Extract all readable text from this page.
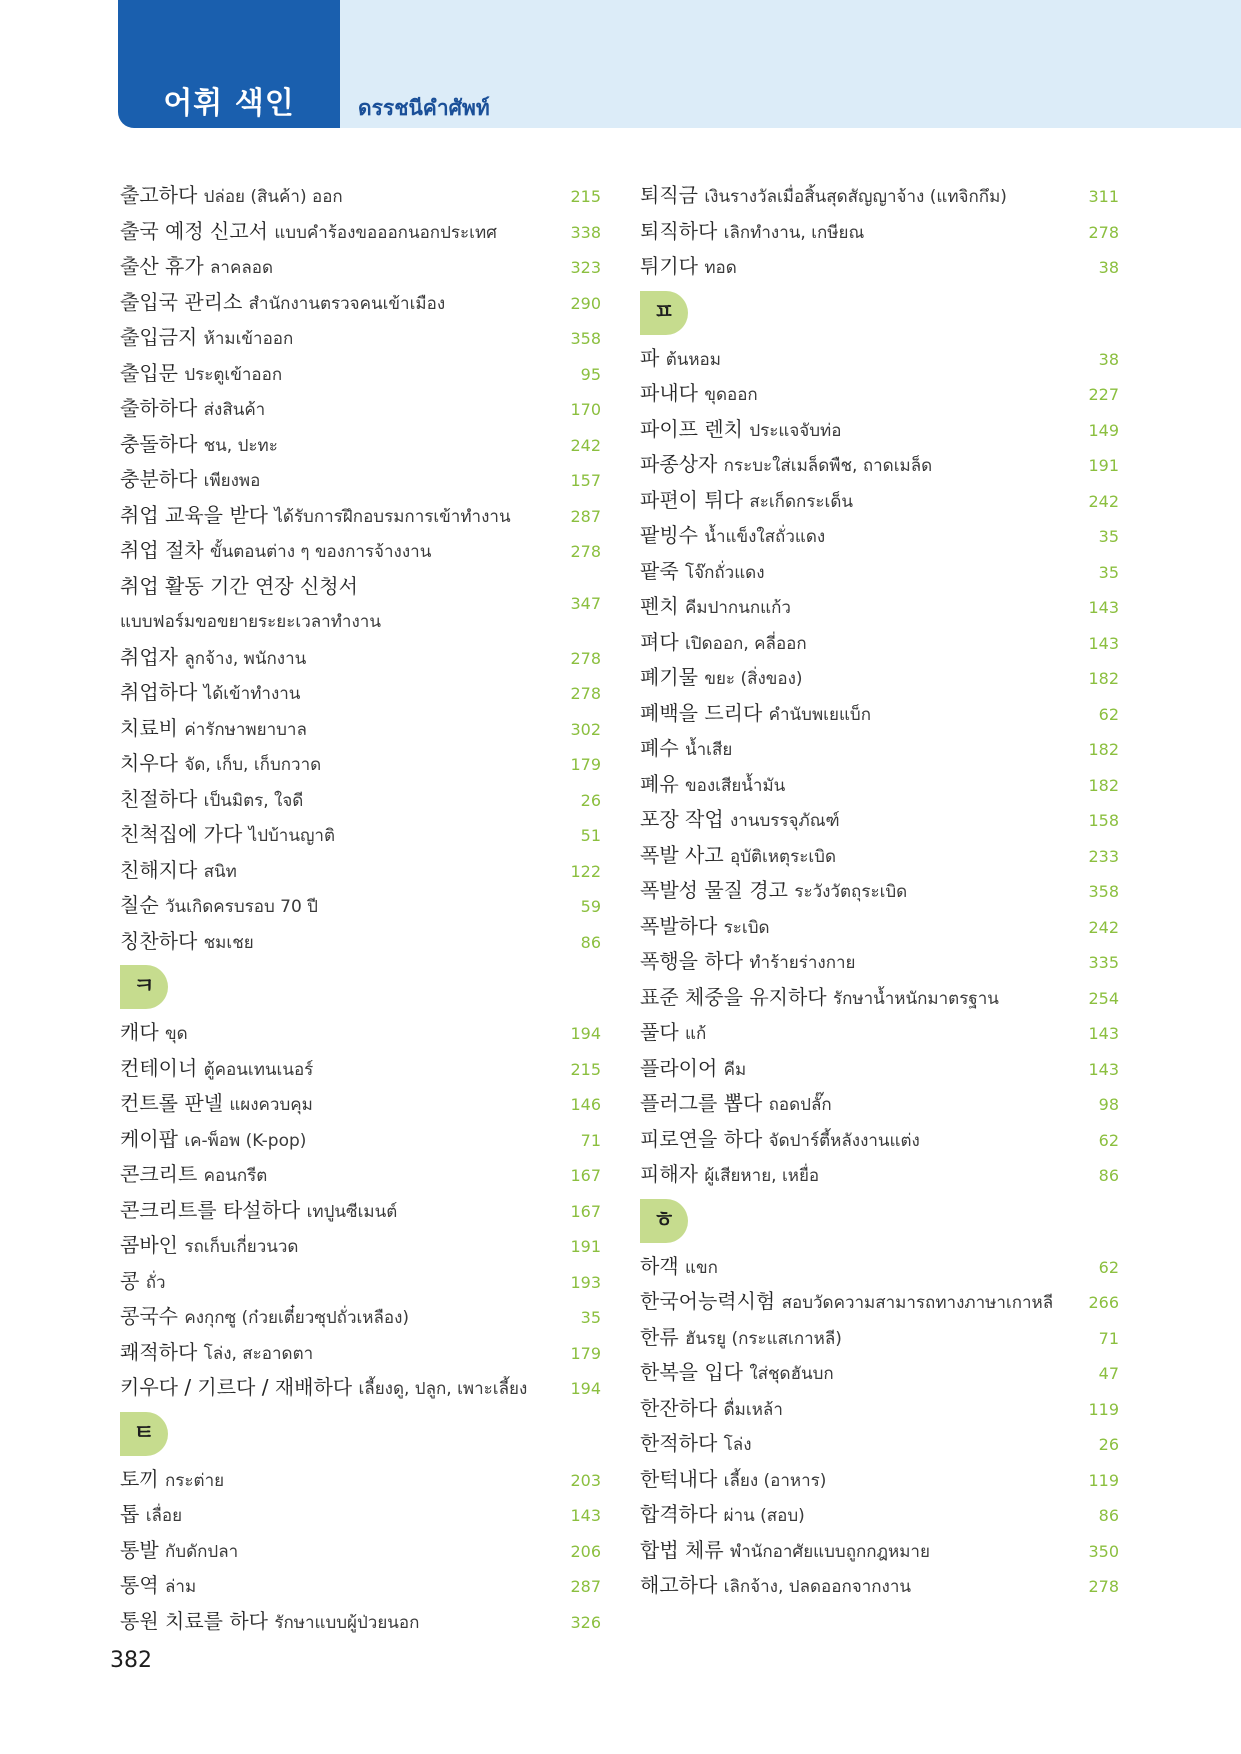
어휘 색인	ดรรชนีคำศัพท์
출고하다 ปล่อย (สินค้า) ออก	215
출국 예정 신고서 แบบคำร้องขอออกนอกประเทศ	338
출산 휴가 ลาคลอด	323
출입국 관리소 สำนักงานตรวจคนเข้าเมือง	290
출입금지 ห้ามเข้าออก	358
출입문 ประตูเข้าออก	95
출하하다 ส่งสินค้า	170
충돌하다 ชน, ปะทะ	242
충분하다 เพียงพอ	157
취업 교육을 받다 ได้รับการฝึกอบรมการเข้าทำงาน	287
취업 절차 ขั้นตอนต่าง ๆ ของการจ้างงาน	278
취업 활동 기간 연장 신청서
แบบฟอร์มขอขยายระยะเวลาทำงาน
347
취업자 ลูกจ้าง, พนักงาน	278
취업하다 ได้เข้าทำงาน	278
치료비 ค่ารักษาพยาบาล	302
치우다 จัด, เก็บ, เก็บกวาด	179
친절하다 เป็นมิตร, ใจดี	26
친척집에 가다 ไปบ้านญาติ	51
친해지다 สนิท	122
칠순 วันเกิดครบรอบ 70 ปี	59
칭찬하다 ชมเชย	86
ㅋ
캐다 ขุด	194
컨테이너 ตู้คอนเทนเนอร์	215
컨트롤 판넬 แผงควบคุม	146
케이팝 เค-พ็อพ (K-pop)	71
콘크리트 คอนกรีต	167
콘크리트를 타설하다 เทปูนซีเมนต์	167
콤바인 รถเก็บเกี่ยวนวด	191
콩 ถั่ว	193
콩국수 คงกุกซู (ก๋วยเตี๋ยวซุปถั่วเหลือง)	35
쾌적하다 โล่ง, สะอาดตา	179
키우다 / 기르다 / 재배하다 เลี้ยงดู, ปลูก, เพาะเลี้ยง	194
ㅌ
토끼 กระต่าย	203
톱 เลื่อย	143
통발 กับดักปลา	206
통역 ล่าม	287
통원 치료를 하다 รักษาแบบผู้ป่วยนอก	326
퇴직금 เงินรางวัลเมื่อสิ้นสุดสัญญาจ้าง (แทจิกกึม)	311
퇴직하다 เลิกทำงาน, เกษียณ	278
튀기다 ทอด	38
ㅍ
파 ต้นหอม	38
파내다 ขุดออก	227
파이프 렌치 ประแจจับท่อ	149
파종상자 กระบะใส่เมล็ดพืช, ถาดเมล็ด	191
파편이 튀다 สะเก็ดกระเด็น	242
팥빙수 น้ำแข็งใสถั่วแดง	35
팥죽 โจ๊กถั่วแดง	35
펜치 คีมปากนกแก้ว	143
펴다 เปิดออก, คลี่ออก	143
폐기물 ขยะ (สิ่งของ)	182
폐백을 드리다 คำนับพเยแบ็ก	62
폐수 น้ำเสีย	182
폐유 ของเสียน้ำมัน	182
포장 작업 งานบรรจุภัณฑ์	158
폭발 사고 อุบัติเหตุระเบิด	233
폭발성 물질 경고 ระวังวัตถุระเบิด	358
폭발하다 ระเบิด	242
폭행을 하다 ทำร้ายร่างกาย	335
표준 체중을 유지하다 รักษาน้ำหนักมาตรฐาน	254
풀다 แก้	143
플라이어 คีม	143
플러그를 뽑다 ถอดปลั๊ก	98
피로연을 하다 จัดปาร์ตี้หลังงานแต่ง	62
피해자 ผู้เสียหาย, เหยื่อ	86
ㅎ
하객 แขก	62
한국어능력시험 สอบวัดความสามารถทางภาษาเกาหลี	266
한류 ฮันรยู (กระแสเกาหลี)	71
한복을 입다 ใส่ชุดฮันบก	47
한잔하다 ดื่มเหล้า	119
한적하다 โล่ง	26
한턱내다 เลี้ยง (อาหาร)	119
합격하다 ผ่าน (สอบ)	86
합법 체류 พำนักอาศัยแบบถูกกฎหมาย	350
해고하다 เลิกจ้าง, ปลดออกจากงาน	278
382
